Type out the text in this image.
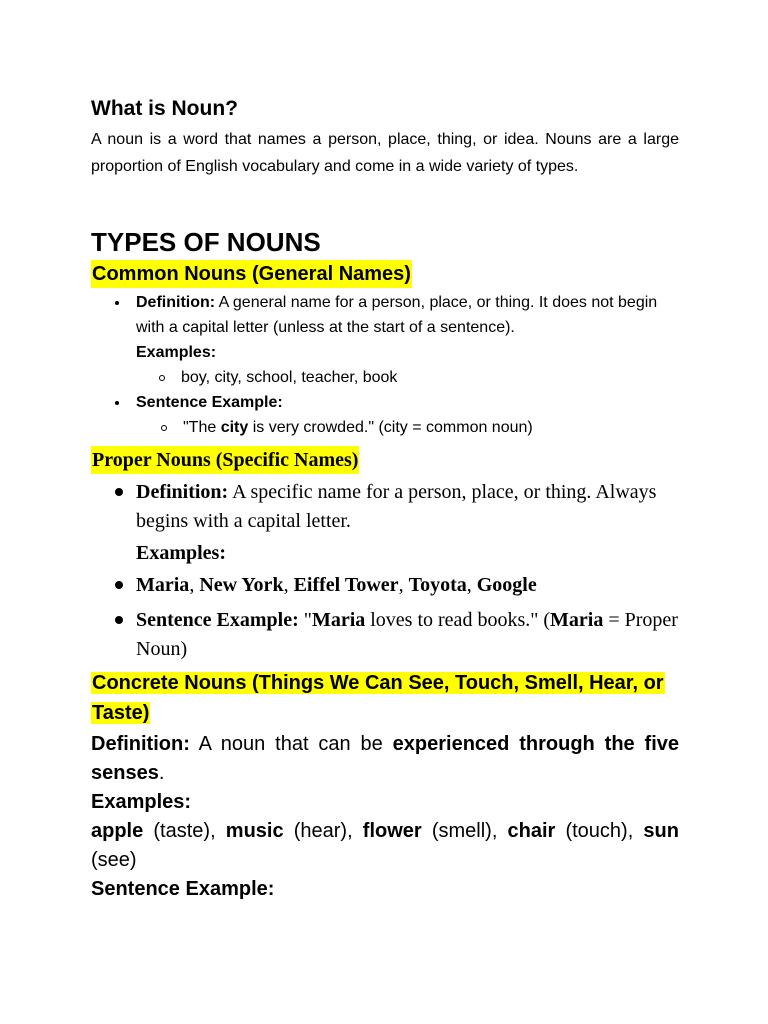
What is Noun?

A noun is a word that names a person, place, thing, or idea. Nouns are a large proportion of English vocabulary and come in a wide variety of types.

TYPES OF NOUNS
Common Nouns (General Names)
Definition: A general name for a person, place, or thing. It does not begin with a capital letter (unless at the start of a sentence).
Examples:
boy, city, school, teacher, book
Sentence Example:
"The city is very crowded." (city = common noun)
Proper Nouns (Specific Names)
Definition: A specific name for a person, place, or thing. Always begins with a capital letter.
Examples:
Maria, New York, Eiffel Tower, Toyota, Google
Sentence Example: "Maria loves to read books." (Maria = Proper Noun)
Concrete Nouns (Things We Can See, Touch, Smell, Hear, or Taste)

Definition: A noun that can be experienced through the five senses.

Examples:

apple (taste), music (hear), flower (smell), chair (touch), sun (see)

Sentence Example:
